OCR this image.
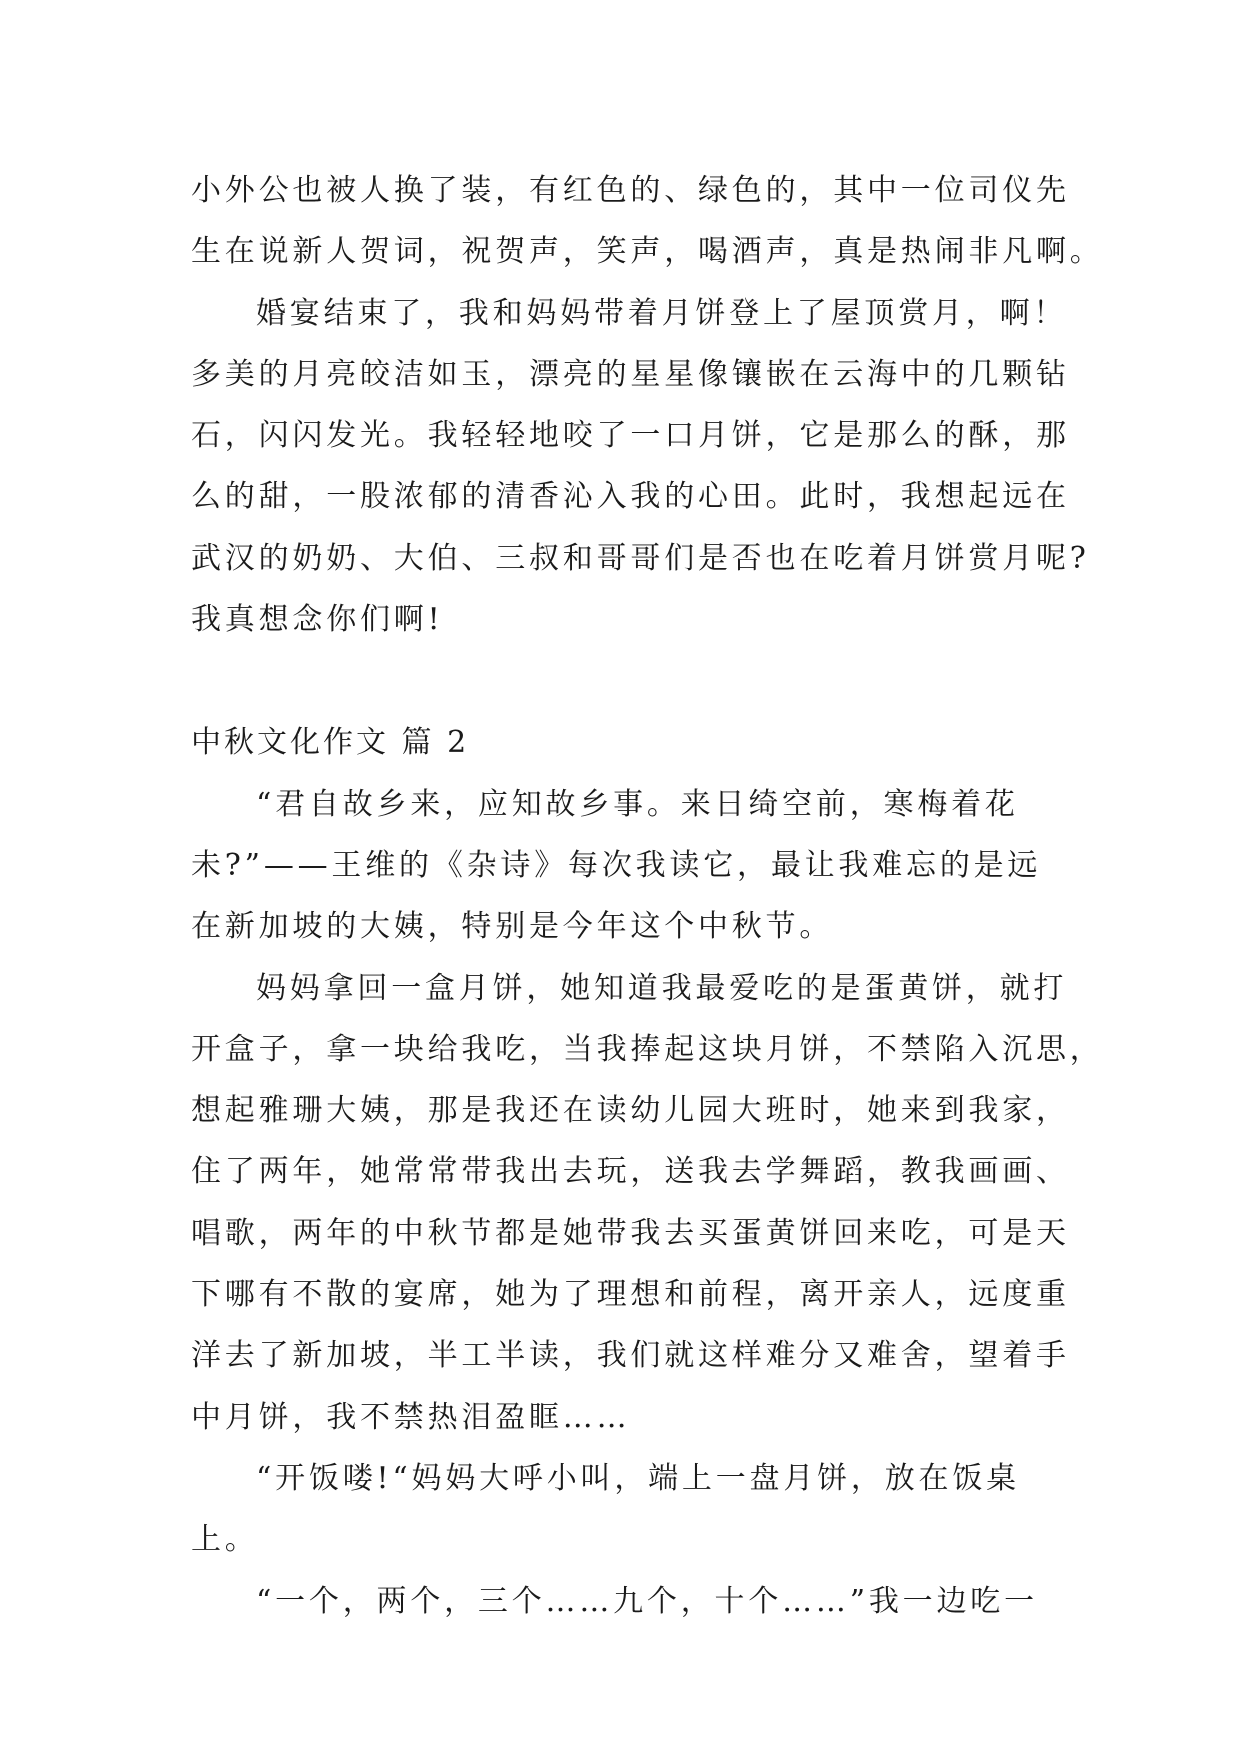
小外公也被人换了装，有红色的、绿色的，其中一位司仪先
生在说新人贺词，祝贺声，笑声，喝酒声，真是热闹非凡啊。
婚宴结束了，我和妈妈带着月饼登上了屋顶赏月，啊！
多美的月亮皎洁如玉，漂亮的星星像镶嵌在云海中的几颗钻
石，闪闪发光。我轻轻地咬了一口月饼，它是那么的酥，那
么的甜，一股浓郁的清香沁入我的心田。此时，我想起远在
武汉的奶奶、大伯、三叔和哥哥们是否也在吃着月饼赏月呢?
我真想念你们啊!
中秋文化作文 篇 2
“君自故乡来，应知故乡事。来日绮空前，寒梅着花
未?”——王维的《杂诗》每次我读它，最让我难忘的是远
在新加坡的大姨，特别是今年这个中秋节。
妈妈拿回一盒月饼，她知道我最爱吃的是蛋黄饼，就打
开盒子，拿一块给我吃，当我捧起这块月饼，不禁陷入沉思，
想起雅珊大姨，那是我还在读幼儿园大班时，她来到我家，
住了两年，她常常带我出去玩，送我去学舞蹈，教我画画、
唱歌，两年的中秋节都是她带我去买蛋黄饼回来吃，可是天
下哪有不散的宴席，她为了理想和前程，离开亲人，远度重
洋去了新加坡，半工半读，我们就这样难分又难舍，望着手
中月饼，我不禁热泪盈眶……
“开饭喽!“妈妈大呼小叫，端上一盘月饼，放在饭桌
上。
“一个，两个，三个……九个，十个……”我一边吃一
